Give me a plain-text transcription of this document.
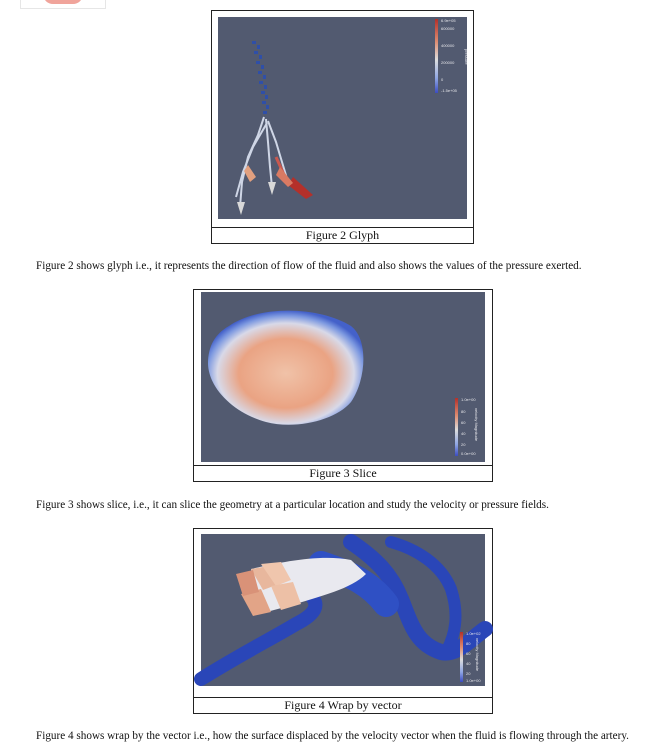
6.9e+05
600000
400000
200000
0
-1.5e+05
pressure
Figure 2 Glyph
Figure 2 shows glyph i.e., it represents the direction of flow of the fluid and also shows the values of the pressure exerted.
1.0e+00
80
60
40
20
0.0e+00
velocity Magnitude
Figure 3 Slice
Figure 3 shows slice, i.e., it can slice the geometry at a particular location and study the velocity or pressure fields.
1.0e+02
80
60
40
20
1.0e+00
velocity Magnitude
Figure 4 Wrap by vector
Figure 4 shows wrap by the vector i.e., how the surface displaced by the velocity vector when the fluid is flowing through the artery.
